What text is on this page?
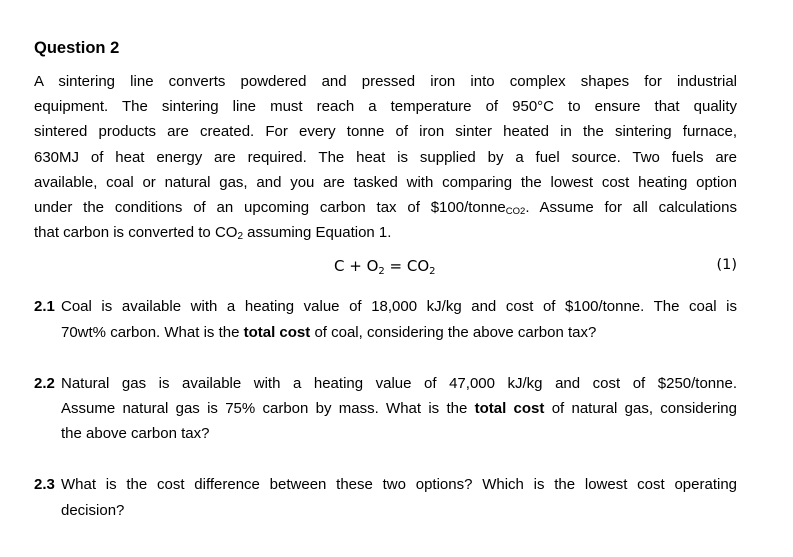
Question 2
A sintering line converts powdered and pressed iron into complex shapes for industrial
equipment. The sintering line must reach a temperature of 950°C to ensure that quality
sintered products are created. For every tonne of iron sinter heated in the sintering furnace,
630MJ of heat energy are required. The heat is supplied by a fuel source. Two fuels are
available, coal or natural gas, and you are tasked with comparing the lowest cost heating option
under the conditions of an upcoming carbon tax of $100/tonne$_{CO2}$. Assume for all calculations
that carbon is converted to $CO_2$ assuming Equation 1.
$C + O_2 = CO_2$	(1)
2.1 Coal is available with a heating value of 18,000 kJ/kg and cost of $100/tonne. The coal is
70wt% carbon. What is the total cost of coal, considering the above carbon tax?
2.2 Natural gas is available with a heating value of 47,000 kJ/kg and cost of $250/tonne.
Assume natural gas is 75% carbon by mass. What is the total cost of natural gas, considering
the above carbon tax?
2.3 What is the cost difference between these two options? Which is the lowest cost operating
decision?
